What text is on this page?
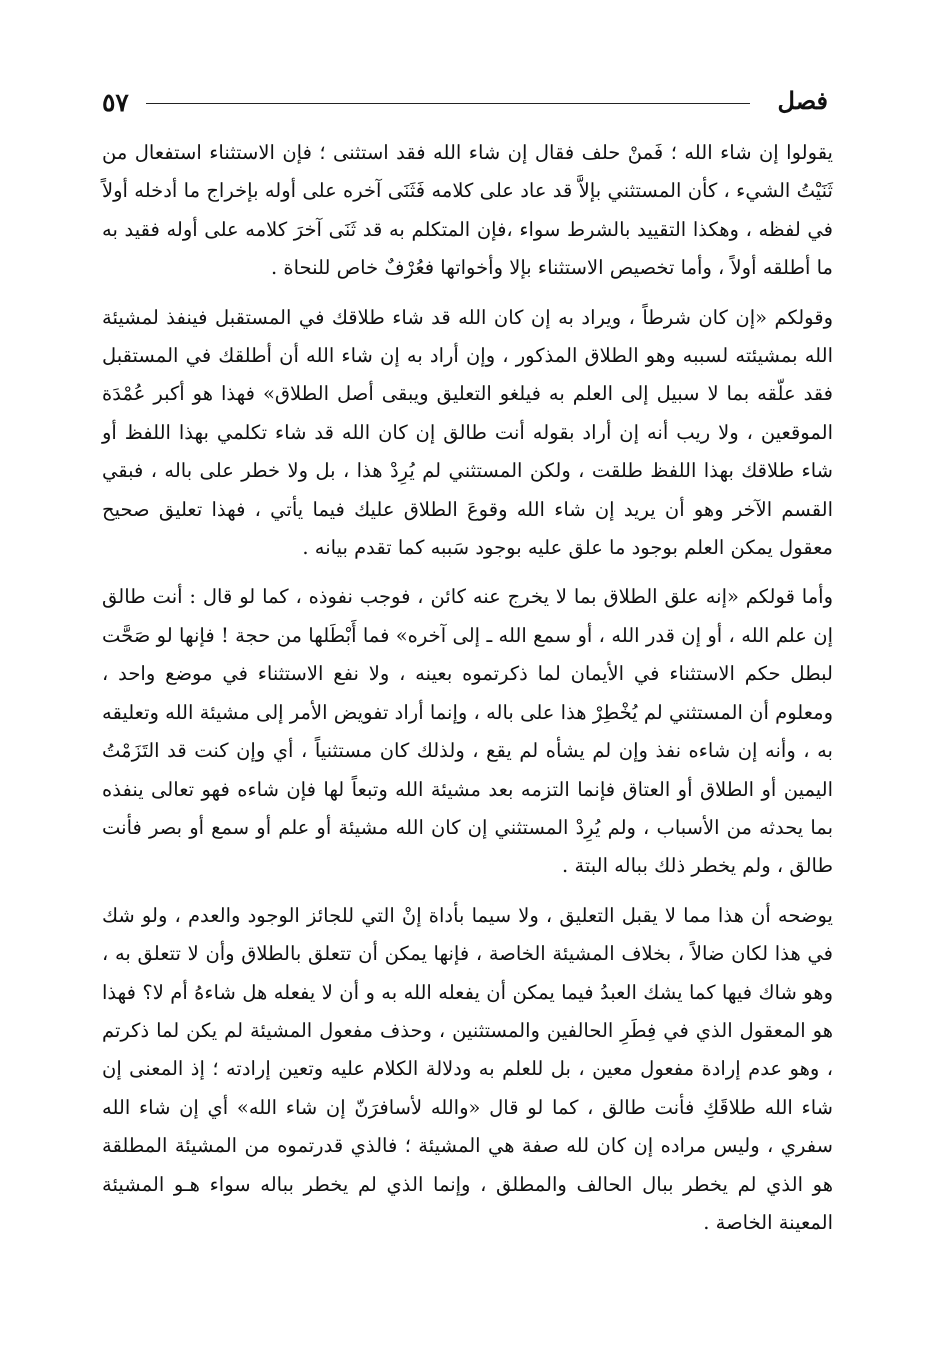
٥٧	فصل

يقولوا إن شاء الله ؛ فَمنْ حلف فقال إن شاء الله فقد استثنى ؛ فإن الاستثناء استفعال من ثَنَيْتُ الشيء ، كأن المستثني بإلاَّ قد عاد على كلامه فَثَنَى آخره على أوله بإخراج ما أدخله أولاً في لفظه ، وهكذا التقييد بالشرط سواء ،فإن المتكلم به قد ثَنَى آخرَ كلامه على أوله فقيد به ما أطلقه أولاً ، وأما تخصيص الاستثناء بإلا وأخواتها فعُرْفٌ خاص للنحاة .

وقولكم «إن كان شرطاً ، ويراد به إن كان الله قد شاء طلاقك في المستقبل فينفذ لمشيئة الله بمشيئته لسببه وهو الطلاق المذكور ، وإن أراد به إن شاء الله أن أطلقك في المستقبل فقد علّقه بما لا سبيل إلى العلم به فيلغو التعليق ويبقى أصل الطلاق» فهذا هو أكبر عُمْدَة الموقعين ، ولا ريب أنه إن أراد بقوله أنت طالق إن كان الله قد شاء تكلمي بهذا اللفظ أو شاء طلاقك بهذا اللفظ طلقت ، ولكن المستثني لم يُرِدْ هذا ، بل ولا خطر على باله ، فبقي القسم الآخر وهو أن يريد إن شاء الله وقوعَ الطلاق عليك فيما يأتي ، فهذا تعليق صحيح معقول يمكن العلم بوجود ما علق عليه بوجود سَببه كما تقدم بيانه .

وأما قولكم «إنه علق الطلاق بما لا يخرج عنه كائن ، فوجب نفوذه ، كما لو قال : أنت طالق إن علم الله ، أو إن قدر الله ، أو سمع الله ـ إلى آخره» فما أَبْطَلها من حجة ! فإنها لو صَحَّت لبطل حكم الاستثناء في الأيمان لما ذكرتموه بعينه ، ولا نفع الاستثناء في موضع واحد ، ومعلوم أن المستثني لم يُخْطِرْ هذا على باله ، وإنما أراد تفويض الأمر إلى مشيئة الله وتعليقه به ، وأنه إن شاءه نفذ وإن لم يشأه لم يقع ، ولذلك كان مستثنياً ، أي وإن كنت قد التَزَمْتُ اليمين أو الطلاق أو العتاق فإنما التزمه بعد مشيئة الله وتبعاً لها فإن شاءه فهو تعالى ينفذه بما يحدثه من الأسباب ، ولم يُرِدْ المستثني إن كان الله مشيئة أو علم أو سمع أو بصر فأنت طالق ، ولم يخطر ذلك بباله البتة .

يوضحه أن هذا مما لا يقبل التعليق ، ولا سيما بأداة إنْ التي للجائز الوجود والعدم ، ولو شك في هذا لكان ضالاً ، بخلاف المشيئة الخاصة ، فإنها يمكن أن تتعلق بالطلاق وأن لا تتعلق به ، وهو شاك فيها كما يشك العبدُ فيما يمكن أن يفعله الله به و أن لا يفعله هل شاءهُ أم لا؟ فهذا هو المعقول الذي في فِطَرِ الحالفين والمستثنين ، وحذف مفعول المشيئة لم يكن لما ذكرتم ، وهو عدم إرادة مفعول معين ، بل للعلم به ودلالة الكلام عليه وتعين إرادته ؛ إذ المعنى إن شاء الله طلاقَكِ فأنت طالق ، كما لو قال «والله لأسافرَنّ إن شاء الله» أي إن شاء الله سفري ، وليس مراده إن كان لله صفة هي المشيئة ؛ فالذي قدرتموه من المشيئة المطلقة هو الذي لم يخطر ببال الحالف والمطلق ، وإنما الذي لم يخطر بباله سواء هـو المشيئة المعينة الخاصة .
